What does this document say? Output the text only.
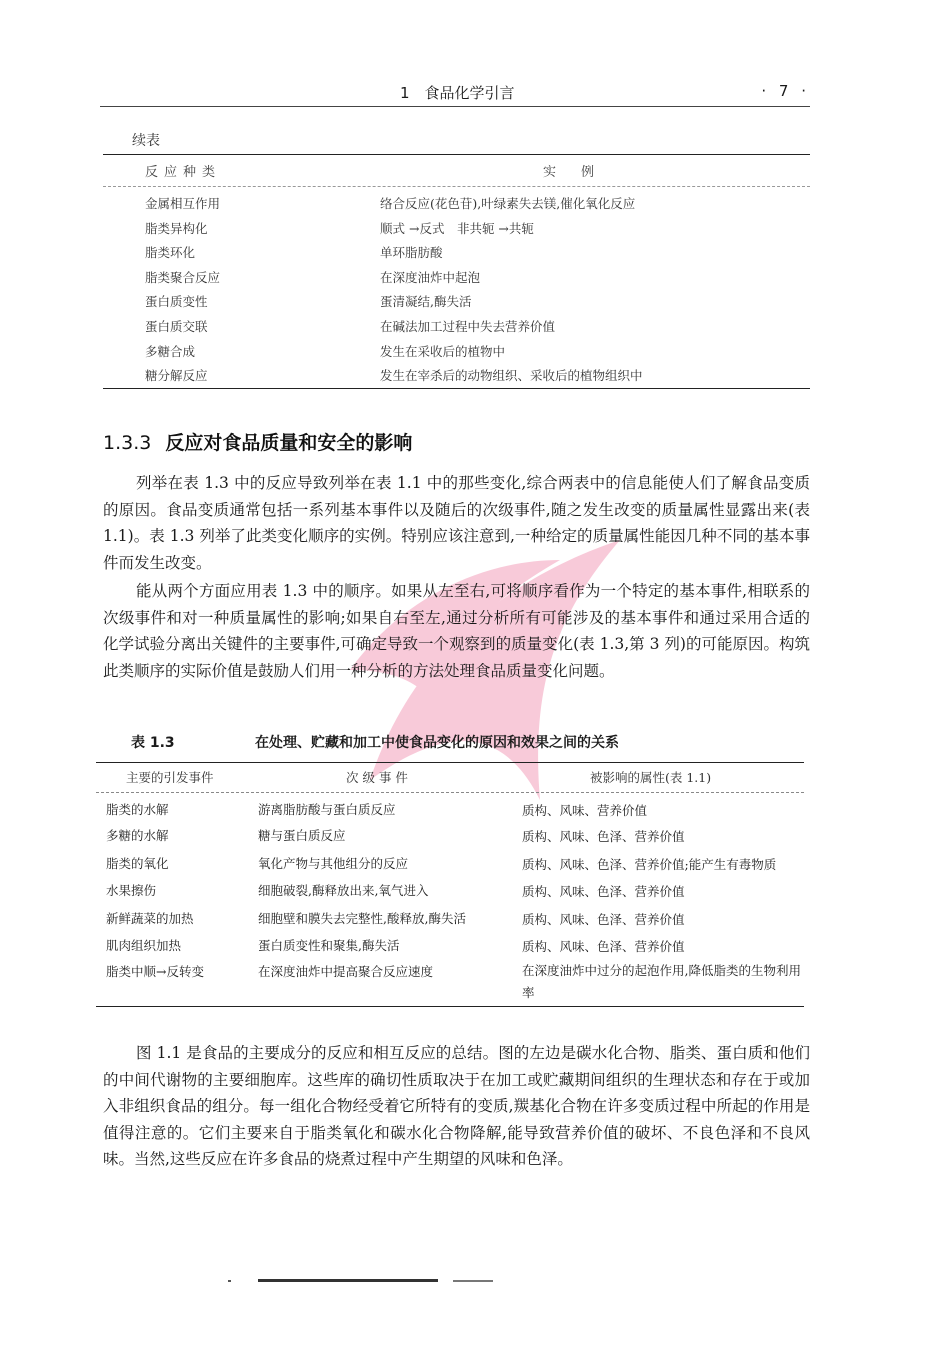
1　食品化学引言	· 7 ·
续表
反应种类	实　例
金属相互作用	络合反应(花色苷),叶绿素失去镁,催化氧化反应
脂类异构化	顺式 →反式　非共轭 →共轭
脂类环化	单环脂肪酸
脂类聚合反应	在深度油炸中起泡
蛋白质变性	蛋清凝结,酶失活
蛋白质交联	在碱法加工过程中失去营养价值
多糖合成	发生在采收后的植物中
糖分解反应	发生在宰杀后的动物组织、采收后的植物组织中
1.3.3 反应对食品质量和安全的影响
列举在表 1.3 中的反应导致列举在表 1.1 中的那些变化,综合两表中的信息能使人们了解食品变质的原因。食品变质通常包括一系列基本事件以及随后的次级事件,随之发生改变的质量属性显露出来(表 1.1)。表 1.3 列举了此类变化顺序的实例。特别应该注意到,一种给定的质量属性能因几种不同的基本事件而发生改变。
能从两个方面应用表 1.3 中的顺序。如果从左至右,可将顺序看作为一个特定的基本事件,相联系的次级事件和对一种质量属性的影响;如果自右至左,通过分析所有可能涉及的基本事件和通过采用合适的化学试验分离出关键件的主要事件,可确定导致一个观察到的质量变化(表 1.3,第 3 列)的可能原因。构筑此类顺序的实际价值是鼓励人们用一种分析的方法处理食品质量变化问题。
表 1.3	在处理、贮藏和加工中使食品变化的原因和效果之间的关系
主要的引发事件	次 级 事 件	被影响的属性(表 1.1)
脂类的水解	游离脂肪酸与蛋白质反应	质构、风味、营养价值
多糖的水解	糖与蛋白质反应	质构、风味、色泽、营养价值
脂类的氧化	氧化产物与其他组分的反应	质构、风味、色泽、营养价值;能产生有毒物质
水果擦伤	细胞破裂,酶释放出来,氧气进入	质构、风味、色泽、营养价值
新鲜蔬菜的加热	细胞壁和膜失去完整性,酸释放,酶失活	质构、风味、色泽、营养价值
肌肉组织加热	蛋白质变性和聚集,酶失活	质构、风味、色泽、营养价值
脂类中顺→反转变	在深度油炸中提高聚合反应速度	在深度油炸中过分的起泡作用,降低脂类的生物利用率
图 1.1 是食品的主要成分的反应和相互反应的总结。图的左边是碳水化合物、脂类、蛋白质和他们的中间代谢物的主要细胞库。这些库的确切性质取决于在加工或贮藏期间组织的生理状态和存在于或加入非组织食品的组分。每一组化合物经受着它所特有的变质,羰基化合物在许多变质过程中所起的作用是值得注意的。它们主要来自于脂类氧化和碳水化合物降解,能导致营养价值的破坏、不良色泽和不良风味。当然,这些反应在许多食品的烧煮过程中产生期望的风味和色泽。
